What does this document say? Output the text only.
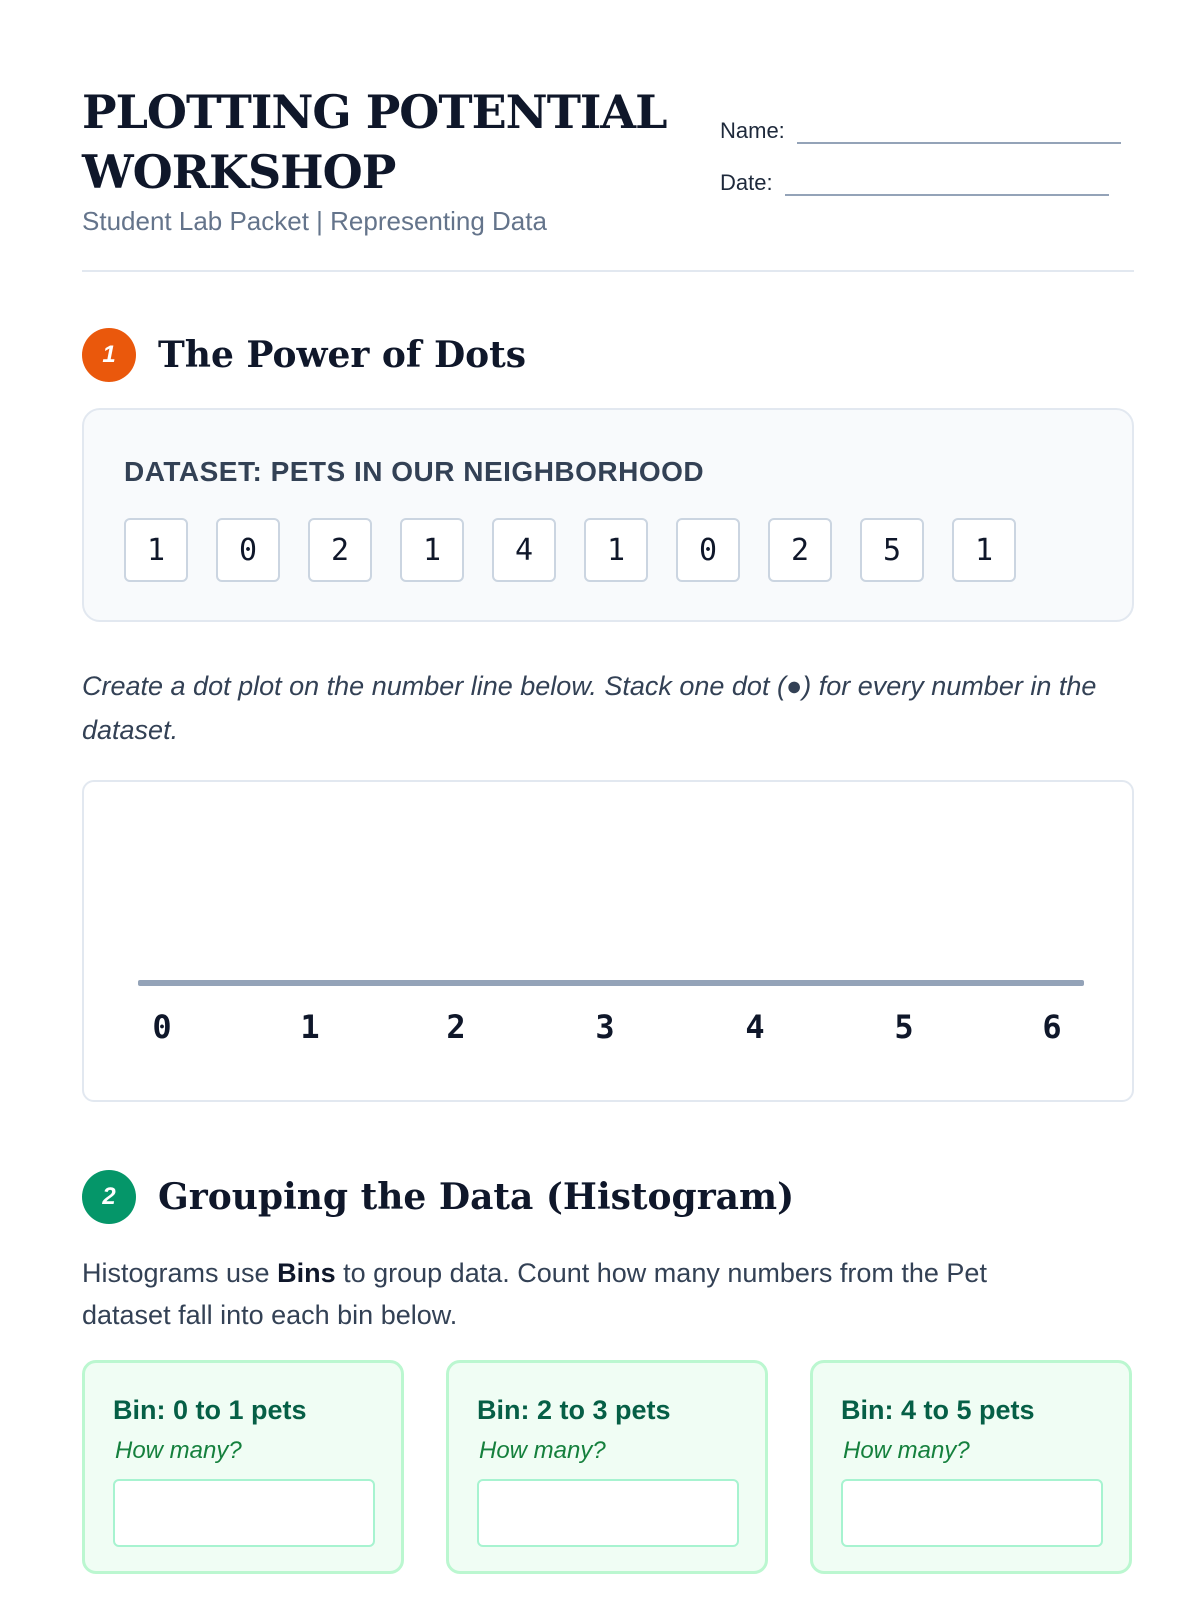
PLOTTING POTENTIAL WORKSHOP
Student Lab Packet | Representing Data
Name:
Date:
1	The Power of Dots
DATASET: PETS IN OUR NEIGHBORHOOD
1	0	2	1	4	1	0	2	5	1

Create a dot plot on the number line below. Stack one dot (●) for every number in the dataset.

0	1	2	3	4	5	6
2	Grouping the Data (Histogram)

Histograms use Bins to group data. Count how many numbers from the Pet dataset fall into each bin below.

Bin: 0 to 1 pets
How many?
Bin: 2 to 3 pets
How many?
Bin: 4 to 5 pets
How many?
